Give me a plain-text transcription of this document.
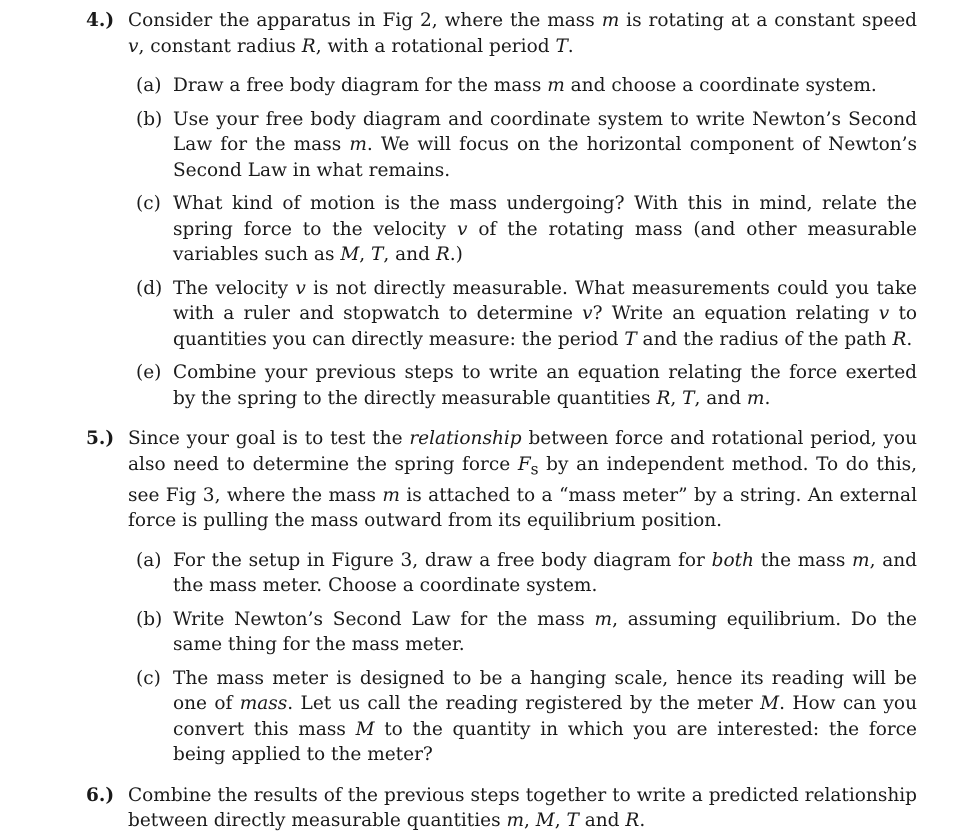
4.) Consider the apparatus in Fig 2, where the mass m is rotating at a constant speed v, constant radius R, with a rotational period T.
(a) Draw a free body diagram for the mass m and choose a coordinate system.
(b) Use your free body diagram and coordinate system to write Newton’s Second Law for the mass m. We will focus on the horizontal component of Newton’s Second Law in what remains.
(c) What kind of motion is the mass undergoing? With this in mind, relate the spring force to the velocity v of the rotating mass (and other measurable variables such as M, T, and R.)
(d) The velocity v is not directly measurable. What measurements could you take with a ruler and stopwatch to determine v? Write an equation relating v to quantities you can directly measure: the period T and the radius of the path R.
(e) Combine your previous steps to write an equation relating the force exerted by the spring to the directly measurable quantities R, T, and m.
5.) Since your goal is to test the relationship between force and rotational period, you also need to determine the spring force $F_s$ by an independent method. To do this, see Fig 3, where the mass m is attached to a “mass meter” by a string. An external force is pulling the mass outward from its equilibrium position.
(a) For the setup in Figure 3, draw a free body diagram for both the mass m, and the mass meter. Choose a coordinate system.
(b) Write Newton’s Second Law for the mass m, assuming equilibrium. Do the same thing for the mass meter.
(c) The mass meter is designed to be a hanging scale, hence its reading will be one of mass. Let us call the reading registered by the meter M. How can you convert this mass M to the quantity in which you are interested: the force being applied to the meter?
6.) Combine the results of the previous steps together to write a predicted relationship between directly measurable quantities m, M, T and R.
